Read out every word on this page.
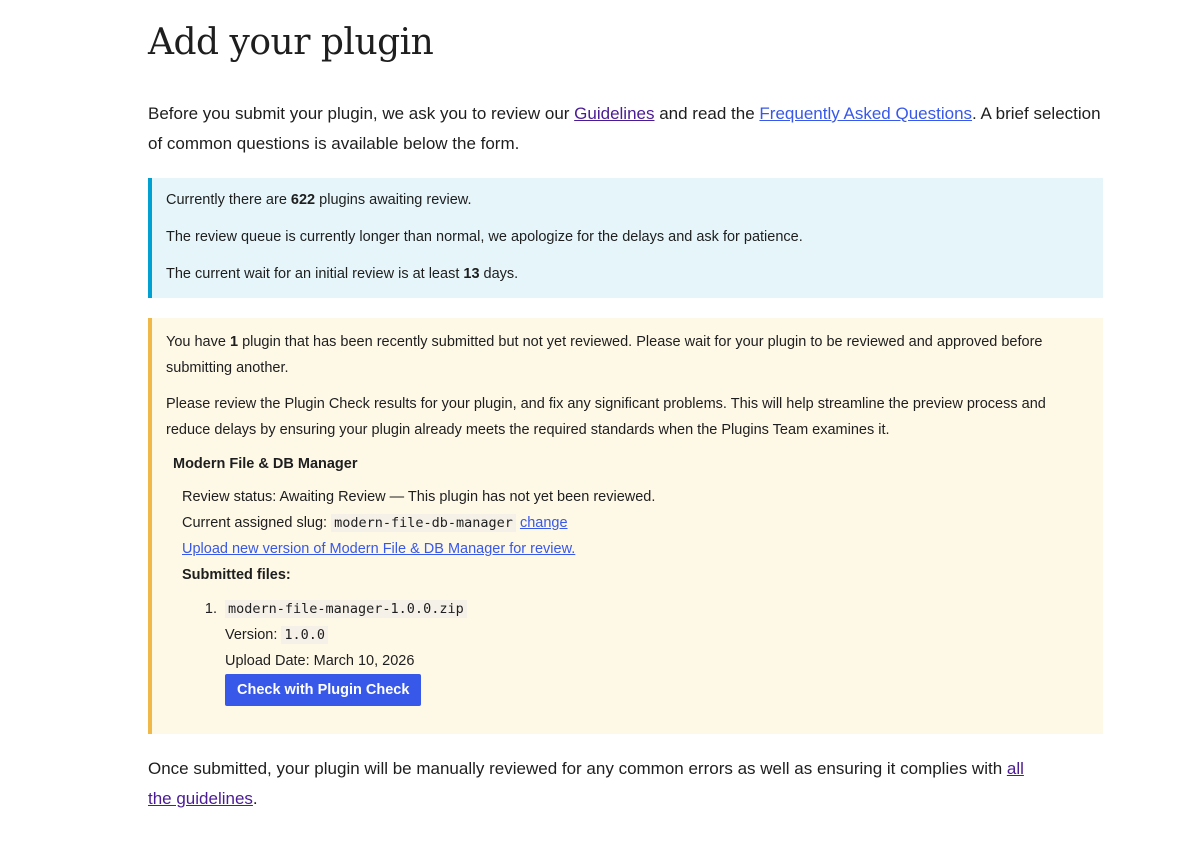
Add your plugin

Before you submit your plugin, we ask you to review our Guidelines and read the Frequently Asked Questions. A brief selection of common questions is available below the form.

Currently there are 622 plugins awaiting review.

The review queue is currently longer than normal, we apologize for the delays and ask for patience.

The current wait for an initial review is at least 13 days.

You have 1 plugin that has been recently submitted but not yet reviewed. Please wait for your plugin to be reviewed and approved before submitting another.

Please review the Plugin Check results for your plugin, and fix any significant problems. This will help streamline the preview process and reduce delays by ensuring your plugin already meets the required standards when the Plugins Team examines it.

Modern File & DB Manager
Review status: Awaiting Review — This plugin has not yet been reviewed.
Current assigned slug: modern-file-db-manager change
Upload new version of Modern File & DB Manager for review.
Submitted files:
1. modern-file-manager-1.0.0.zip
Version: 1.0.0
Upload Date: March 10, 2026
Check with Plugin Check

Once submitted, your plugin will be manually reviewed for any common errors as well as ensuring it complies with all the guidelines.
